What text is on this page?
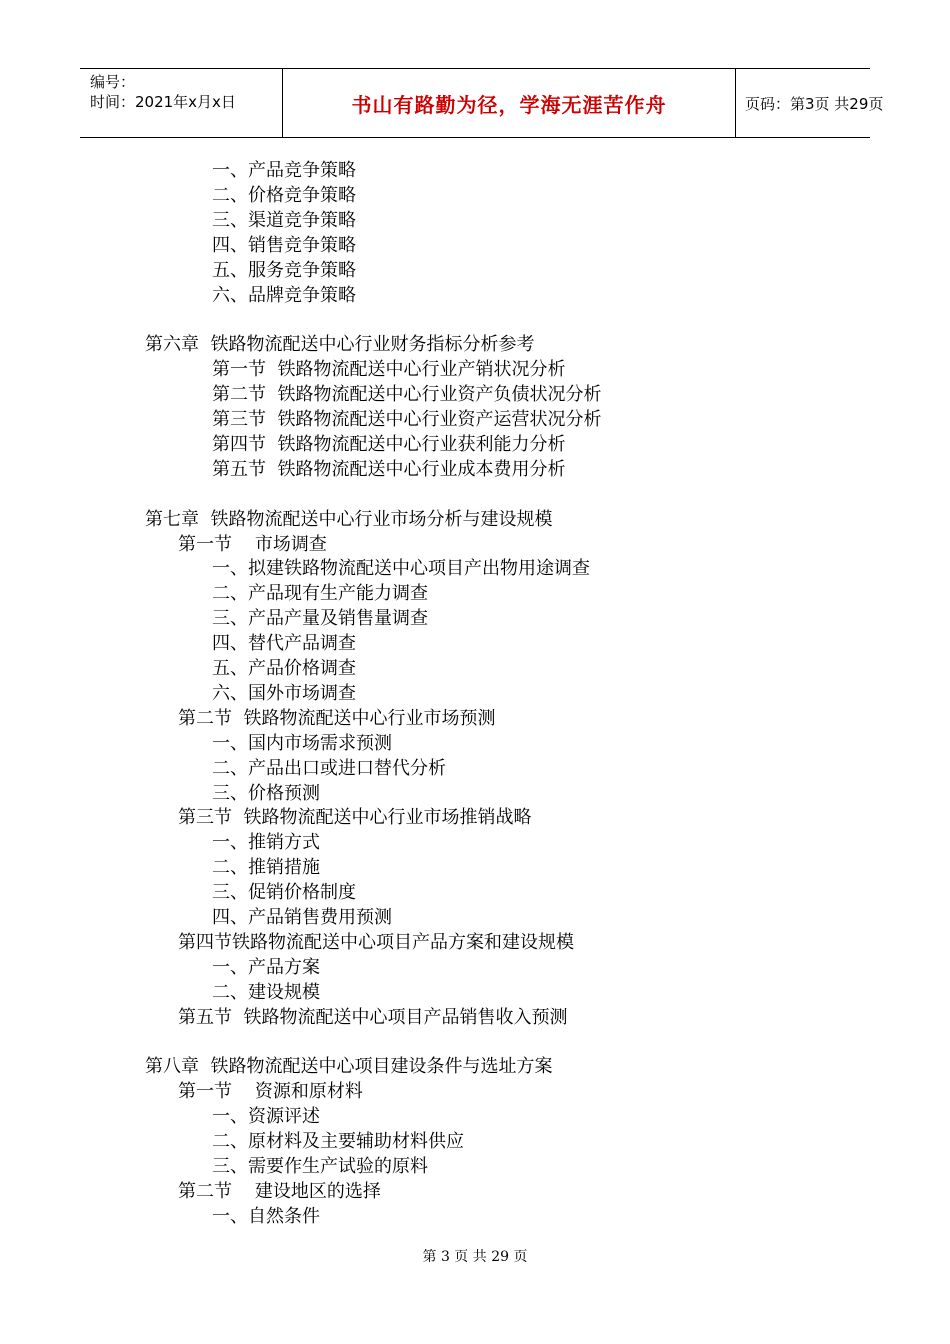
编号：
时间：2021年x月x日	书山有路勤为径，学海无涯苦作舟	页码：第3页 共29页
一、产品竞争策略
二、价格竞争策略
三、渠道竞争策略
四、销售竞争策略
五、服务竞争策略
六、品牌竞争策略
第六章  铁路物流配送中心行业财务指标分析参考
第一节  铁路物流配送中心行业产销状况分析
第二节  铁路物流配送中心行业资产负债状况分析
第三节  铁路物流配送中心行业资产运营状况分析
第四节  铁路物流配送中心行业获利能力分析
第五节  铁路物流配送中心行业成本费用分析
第七章  铁路物流配送中心行业市场分析与建设规模
第一节    市场调查
一、拟建铁路物流配送中心项目产出物用途调查
二、产品现有生产能力调查
三、产品产量及销售量调查
四、替代产品调查
五、产品价格调查
六、国外市场调查
第二节  铁路物流配送中心行业市场预测
一、国内市场需求预测
二、产品出口或进口替代分析
三、价格预测
第三节  铁路物流配送中心行业市场推销战略
一、推销方式
二、推销措施
三、促销价格制度
四、产品销售费用预测
第四节铁路物流配送中心项目产品方案和建设规模
一、产品方案
二、建设规模
第五节  铁路物流配送中心项目产品销售收入预测
第八章  铁路物流配送中心项目建设条件与选址方案
第一节    资源和原材料
一、资源评述
二、原材料及主要辅助材料供应
三、需要作生产试验的原料
第二节    建设地区的选择
一、自然条件
第 3 页 共 29 页
